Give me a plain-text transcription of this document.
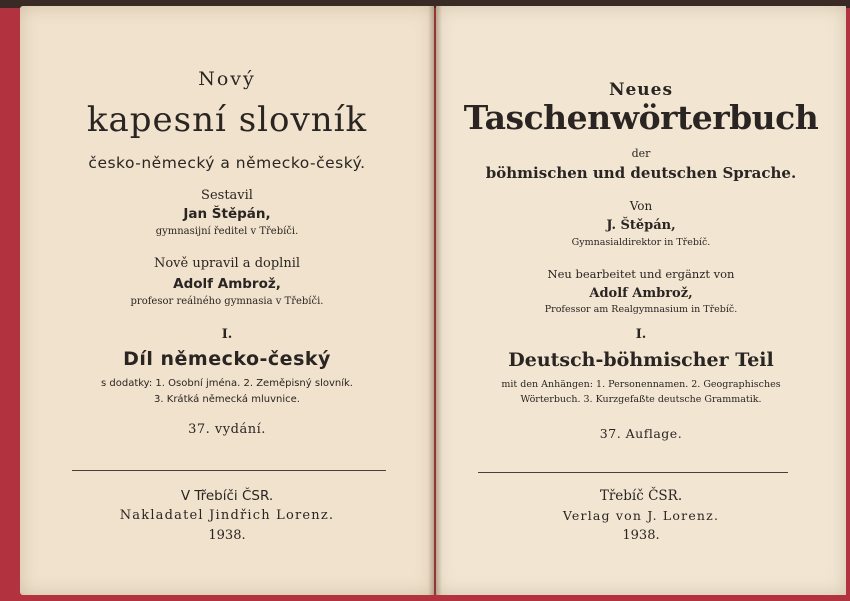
Nový
kapesní slovník
česko-německý a německo-český.
Sestavil
Jan Štěpán,
gymnasijní ředitel v Třebíči.
Nově upravil a doplnil
Adolf Ambrož,
profesor reálného gymnasia v Třebíči.
I.
Díl německo-český
s dodatky: 1. Osobní jména. 2. Zeměpisný slovník.
3. Krátká německá mluvnice.
37. vydání.
V Třebíči ČSR.
Nakladatel Jindřich Lorenz.
1938.
Neues
Taschenwörterbuch
der
böhmischen und deutschen Sprache.
Von
J. Štěpán,
Gymnasialdirektor in Třebíč.
Neu bearbeitet und ergänzt von
Adolf Ambrož,
Professor am Realgymnasium in Třebíč.
I.
Deutsch-böhmischer Teil
mit den Anhängen: 1. Personennamen. 2. Geographisches
Wörterbuch. 3. Kurzgefaßte deutsche Grammatik.
37. Auflage.
Třebíč ČSR.
Verlag von J. Lorenz.
1938.
